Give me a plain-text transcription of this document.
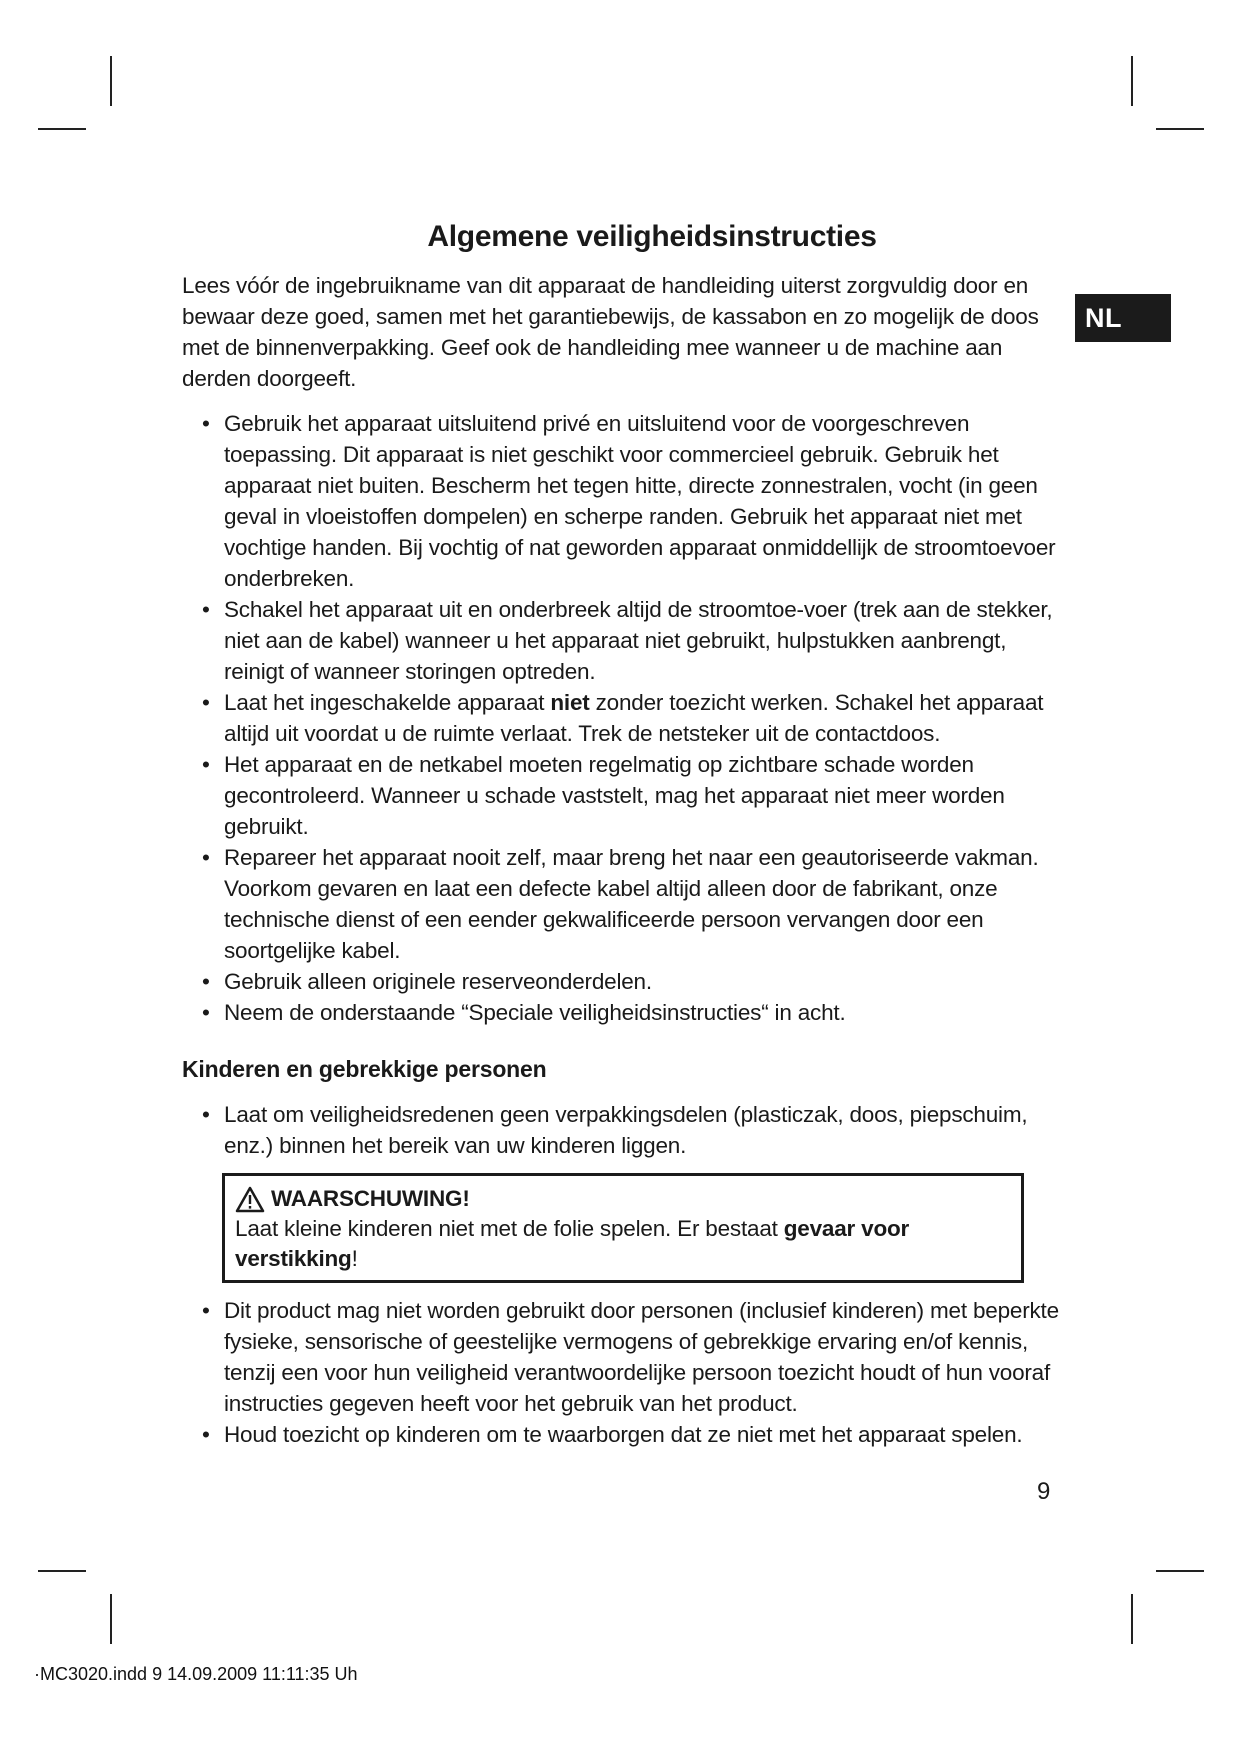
NL
Algemene veiligheidsinstructies

Lees vóór de ingebruikname van dit apparaat de handleiding uiterst zorgvuldig door en bewaar deze goed, samen met het garantiebewijs, de kassabon en zo mogelijk de doos met de binnenverpakking. Geef ook de handleiding mee wanneer u de machine aan derden doorgeeft.

• Gebruik het apparaat uitsluitend privé en uitsluitend voor de voorgeschreven toepassing. Dit apparaat is niet geschikt voor commercieel gebruik. Gebruik het apparaat niet buiten. Bescherm het tegen hitte, directe zonnestralen, vocht (in geen geval in vloeistoffen dompelen) en scherpe randen. Gebruik het apparaat niet met vochtige handen. Bij vochtig of nat geworden apparaat onmiddellijk de stroomtoevoer onderbreken.
• Schakel het apparaat uit en onderbreek altijd de stroomtoe-voer (trek aan de stekker, niet aan de kabel) wanneer u het apparaat niet gebruikt, hulpstukken aanbrengt, reinigt of wanneer storingen optreden.
• Laat het ingeschakelde apparaat niet zonder toezicht werken. Schakel het apparaat altijd uit voordat u de ruimte verlaat. Trek de netsteker uit de contactdoos.
• Het apparaat en de netkabel moeten regelmatig op zichtbare schade worden gecontroleerd. Wanneer u schade vaststelt, mag het apparaat niet meer worden gebruikt.
• Repareer het apparaat nooit zelf, maar breng het naar een geautoriseerde vakman. Voorkom gevaren en laat een defecte kabel altijd alleen door de fabrikant, onze technische dienst of een eender gekwalificeerde persoon vervangen door een soortgelijke kabel.
• Gebruik alleen originele reserveonderdelen.
• Neem de onderstaande “Speciale veiligheidsinstructies“ in acht.
Kinderen en gebrekkige personen
• Laat om veiligheidsredenen geen verpakkingsdelen (plasticzak, doos, piepschuim, enz.) binnen het bereik van uw kinderen liggen.
WAARSCHUWING!
Laat kleine kinderen niet met de folie spelen. Er bestaat gevaar voor verstikking!
• Dit product mag niet worden gebruikt door personen (inclusief kinderen) met beperkte fysieke, sensorische of geestelijke vermogens of gebrekkige ervaring en/of kennis, tenzij een voor hun veiligheid verantwoordelijke persoon toezicht houdt of hun vooraf instructies gegeven heeft voor het gebruik van het product.
• Houd toezicht op kinderen om te waarborgen dat ze niet met het apparaat spelen.
9
·MC3020.indd 9 14.09.2009 11:11:35 Uh
